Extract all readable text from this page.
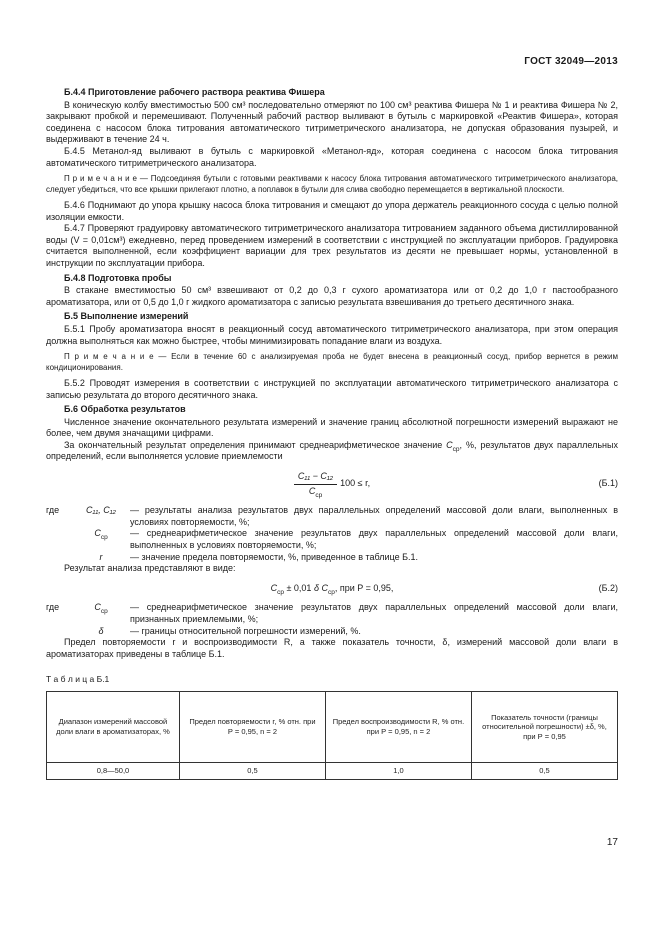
ГОСТ 32049—2013

Б.4.4 Приготовление рабочего раствора реактива Фишера

В коническую колбу вместимостью 500 см³ последовательно отмеряют по 100 см³ реактива Фишера № 1 и реактива Фишера № 2, закрывают пробкой и перемешивают. Полученный рабочий раствор выливают в бутыль с маркировкой «Реактив Фишера», которая соединена с насосом блока титрования автоматического титриметрического анализатора, не допуская образования пузырей, и выдерживают в течение 24 ч.

Б.4.5 Метанол-яд выливают в бутыль с маркировкой «Метанол-яд», которая соединена с насосом блока титрования автоматического титриметрического анализатора.

П р и м е ч а н и е — Подсоединяя бутыли с готовыми реактивами к насосу блока титрования автоматического титриметрического анализатора, следует убедиться, что все крышки прилегают плотно, а поплавок в бутыли для слива свободно перемещается в вертикальной плоскости.

Б.4.6 Поднимают до упора крышку насоса блока титрования и смещают до упора держатель реакционного сосуда с целью полной изоляции емкости.

Б.4.7 Проверяют градуировку автоматического титриметрического анализатора титрованием заданного объема дистиллированной воды (V = 0,01см³) ежедневно, перед проведением измерений в соответствии с инструкцией по эксплуатации приборов. Градуировка считается выполненной, если коэффициент вариации для трех результатов из десяти не превышает нормы, установленной в инструкции по эксплуатации прибора.

Б.4.8 Подготовка пробы

В стакане вместимостью 50 см³ взвешивают от 0,2 до 0,3 г сухого ароматизатора или от 0,2 до 1,0 г пастообразного ароматизатора, или от 0,5 до 1,0 г жидкого ароматизатора с записью результата взвешивания до третьего десятичного знака.

Б.5 Выполнение измерений

Б.5.1 Пробу ароматизатора вносят в реакционный сосуд автоматического титриметрического анализатора, при этом операция должна выполняться как можно быстрее, чтобы минимизировать попадание влаги из воздуха.

П р и м е ч а н и е — Если в течение 60 с анализируемая проба не будет внесена в реакционный сосуд, прибор вернется в режим кондиционирования.

Б.5.2 Проводят измерения в соответствии с инструкцией по эксплуатации автоматического титриметрического анализатора с записью результата до второго десятичного знака.

Б.6 Обработка результатов

Численное значение окончательного результата измерений и значение границ абсолютной погрешности измерений выражают не более, чем двумя значащими цифрами.

За окончательный результат определения принимают среднеарифметическое значение $C_{ср}$, %, результатов двух параллельных определений, если выполняется условие приемлемости

$\frac{\text{C₁₁ − C₁₂}}{C_{ср}} 100 \le r$,	(Б.1)
где	C₁₁, C₁₂	— результаты анализа результатов двух параллельных определений массовой доли влаги, выполненных в условиях повторяемости, %;
$C_{ср}$	— среднеарифметическое значение результатов двух параллельных определений массовой доли влаги, выполненных в условиях повторяемости, %;
r	— значение предела повторяемости, %, приведенное в таблице Б.1.

Результат анализа представляют в виде:

$C_{ср} \pm 0,01$ δ $C_{ср}$, при P = 0,95,	(Б.2)
где	$C_{ср}$	— среднеарифметическое значение результатов двух параллельных определений массовой доли влаги, признанных приемлемыми, %;
δ	— границы относительной погрешности измерений, %.

Предел повторяемости r и воспроизводимости R, а также показатель точности, δ, измерений массовой доли влаги в ароматизаторах приведены в таблице Б.1.

Т а б л и ц а Б.1
Диапазон измерений массовой доли влаги в ароматизаторах, %	Предел повторяемости r, % отн. при Р = 0,95, n = 2	Предел воспроизводимости R, % отн. при Р = 0,95, n = 2	Показатель точности (границы относительной погрешности) ±δ, %, при Р = 0,95
0,8—50,0	0,5	1,0	0,5
17
